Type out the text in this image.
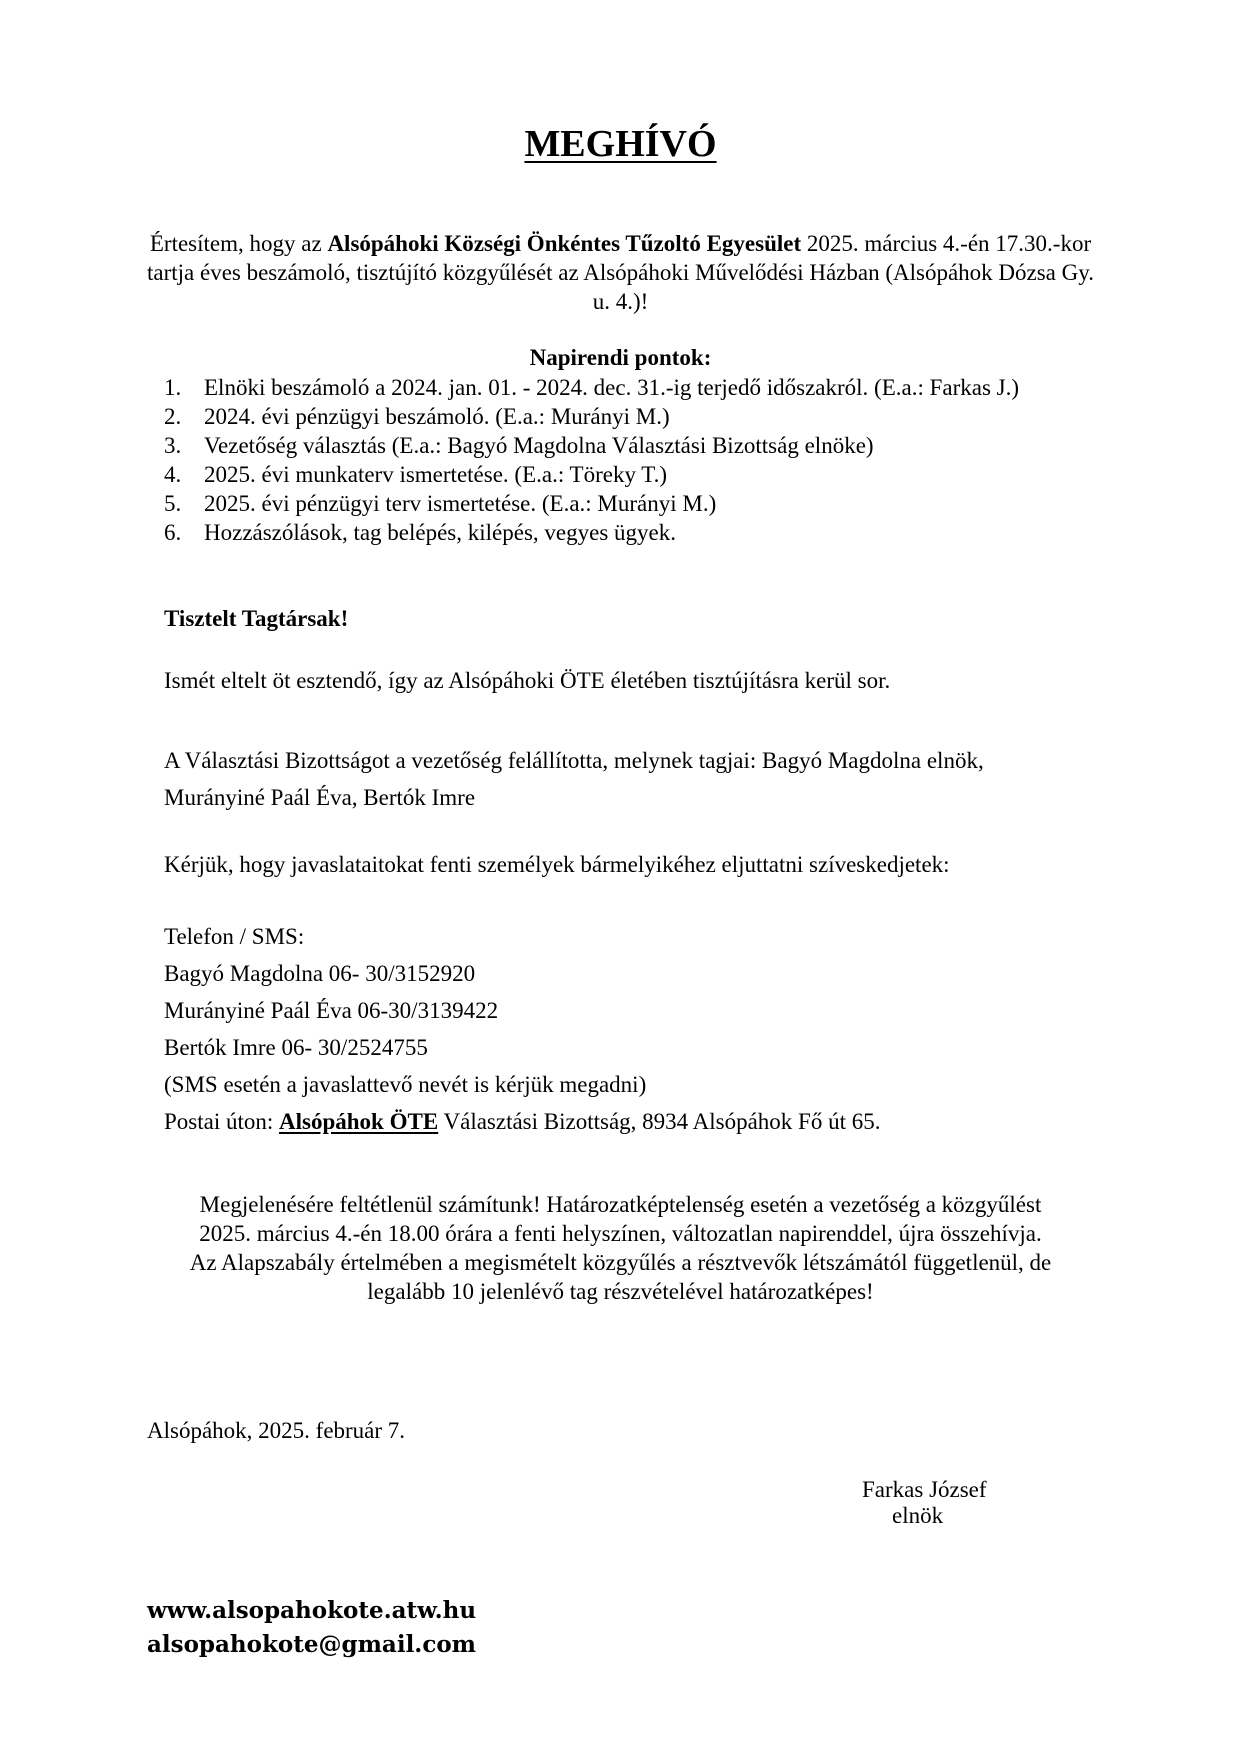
MEGHÍVÓ
Értesítem, hogy az Alsópáhoki Községi Önkéntes Tűzoltó Egyesület 2025. március 4.-én 17.30.-kor tartja éves beszámoló, tisztújító közgyűlését az Alsópáhoki Művelődési Házban (Alsópáhok Dózsa Gy. u. 4.)!
Napirendi pontok:
1. Elnöki beszámoló a 2024. jan. 01. - 2024. dec. 31.-ig terjedő időszakról. (E.a.: Farkas J.)
2. 2024. évi pénzügyi beszámoló. (E.a.: Murányi M.)
3. Vezetőség választás (E.a.: Bagyó Magdolna Választási Bizottság elnöke)
4. 2025. évi munkaterv ismertetése. (E.a.: Töreky T.)
5. 2025. évi pénzügyi terv ismertetése. (E.a.: Murányi M.)
6. Hozzászólások, tag belépés, kilépés, vegyes ügyek.
Tisztelt Tagtársak!
Ismét eltelt öt esztendő, így az Alsópáhoki ÖTE életében tisztújításra kerül sor.
A Választási Bizottságot a vezetőség felállította, melynek tagjai: Bagyó Magdolna elnök,
Murányiné Paál Éva, Bertók Imre
Kérjük, hogy javaslataitokat fenti személyek bármelyikéhez eljuttatni szíveskedjetek:
Telefon / SMS:
Bagyó Magdolna 06- 30/3152920
Murányiné Paál Éva 06-30/3139422
Bertók Imre 06- 30/2524755
(SMS esetén a javaslattevő nevét is kérjük megadni)
Postai úton: Alsópáhok ÖTE Választási Bizottság, 8934 Alsópáhok Fő út 65.
Megjelenésére feltétlenül számítunk! Határozatképtelenség esetén a vezetőség a közgyűlést
2025. március 4.-én 18.00 órára a fenti helyszínen, változatlan napirenddel, újra összehívja.
Az Alapszabály értelmében a megismételt közgyűlés a résztvevők létszámától függetlenül, de
legalább 10 jelenlévő tag részvételével határozatképes!
Alsópáhok, 2025. február 7.
Farkas József
elnök
www.alsopahokote.atw.hu
alsopahokote@gmail.com
